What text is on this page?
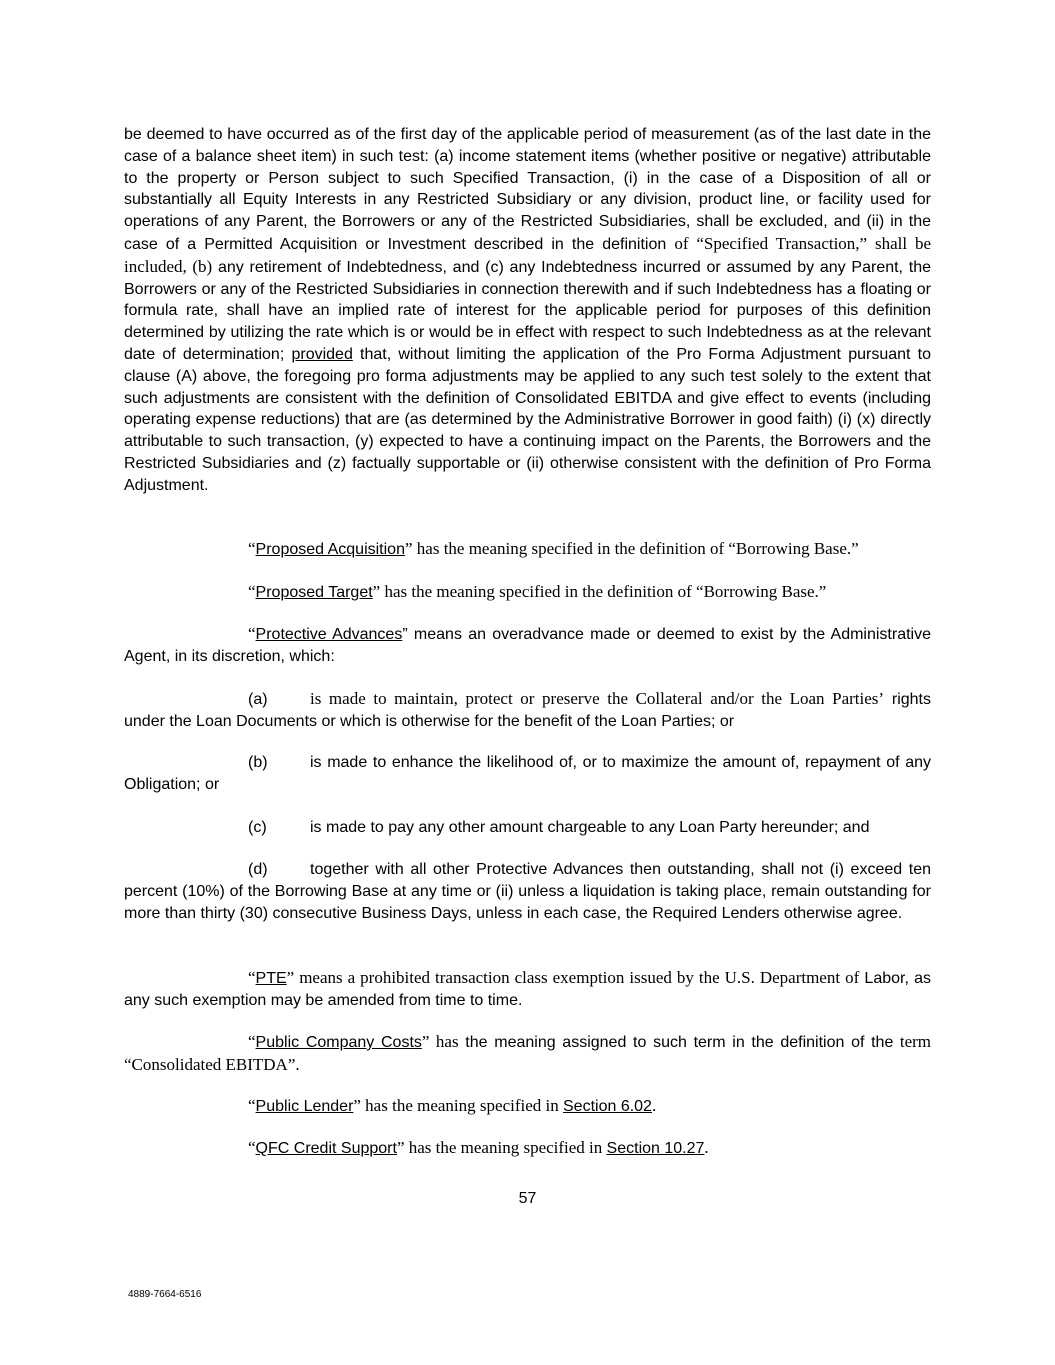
be deemed to have occurred as of the first day of the applicable period of measurement (as of the last date in the case of a balance sheet item) in such test: (a) income statement items (whether positive or negative) attributable to the property or Person subject to such Specified Transaction, (i) in the case of a Disposition of all or substantially all Equity Interests in any Restricted Subsidiary or any division, product line, or facility used for operations of any Parent, the Borrowers or any of the Restricted Subsidiaries, shall be excluded, and (ii) in the case of a Permitted Acquisition or Investment described in the definition of “Specified Transaction,” shall be included, (b) any retirement of Indebtedness, and (c) any Indebtedness incurred or assumed by any Parent, the Borrowers or any of the Restricted Subsidiaries in connection therewith and if such Indebtedness has a floating or formula rate, shall have an implied rate of interest for the applicable period for purposes of this definition determined by utilizing the rate which is or would be in effect with respect to such Indebtedness as at the relevant date of determination; provided that, without limiting the application of the Pro Forma Adjustment pursuant to clause (A) above, the foregoing pro forma adjustments may be applied to any such test solely to the extent that such adjustments are consistent with the definition of Consolidated EBITDA and give effect to events (including operating expense reductions) that are (as determined by the Administrative Borrower in good faith) (i) (x) directly attributable to such transaction, (y) expected to have a continuing impact on the Parents, the Borrowers and the Restricted Subsidiaries and (z) factually supportable or (ii) otherwise consistent with the definition of Pro Forma Adjustment.

“Proposed Acquisition” has the meaning specified in the definition of “Borrowing Base.”

“Proposed Target” has the meaning specified in the definition of “Borrowing Base.”

“Protective Advances” means an overadvance made or deemed to exist by the Administrative Agent, in its discretion, which:

(a) is made to maintain, protect or preserve the Collateral and/or the Loan Parties’ rights under the Loan Documents or which is otherwise for the benefit of the Loan Parties; or

(b)	is made to enhance the likelihood of, or to maximize the amount of, repayment of any Obligation; or

(c)	is made to pay any other amount chargeable to any Loan Party hereunder; and

(d)	together with all other Protective Advances then outstanding, shall not (i) exceed ten percent (10%) of the Borrowing Base at any time or (ii) unless a liquidation is taking place, remain outstanding for more than thirty (30) consecutive Business Days, unless in each case, the Required Lenders otherwise agree.

“PTE” means a prohibited transaction class exemption issued by the U.S. Department of Labor, as any such exemption may be amended from time to time.

“Public Company Costs” has the meaning assigned to such term in the definition of the term “Consolidated EBITDA”.

“Public Lender” has the meaning specified in Section 6.02.

“QFC Credit Support” has the meaning specified in Section 10.27.

57
4889-7664-6516
